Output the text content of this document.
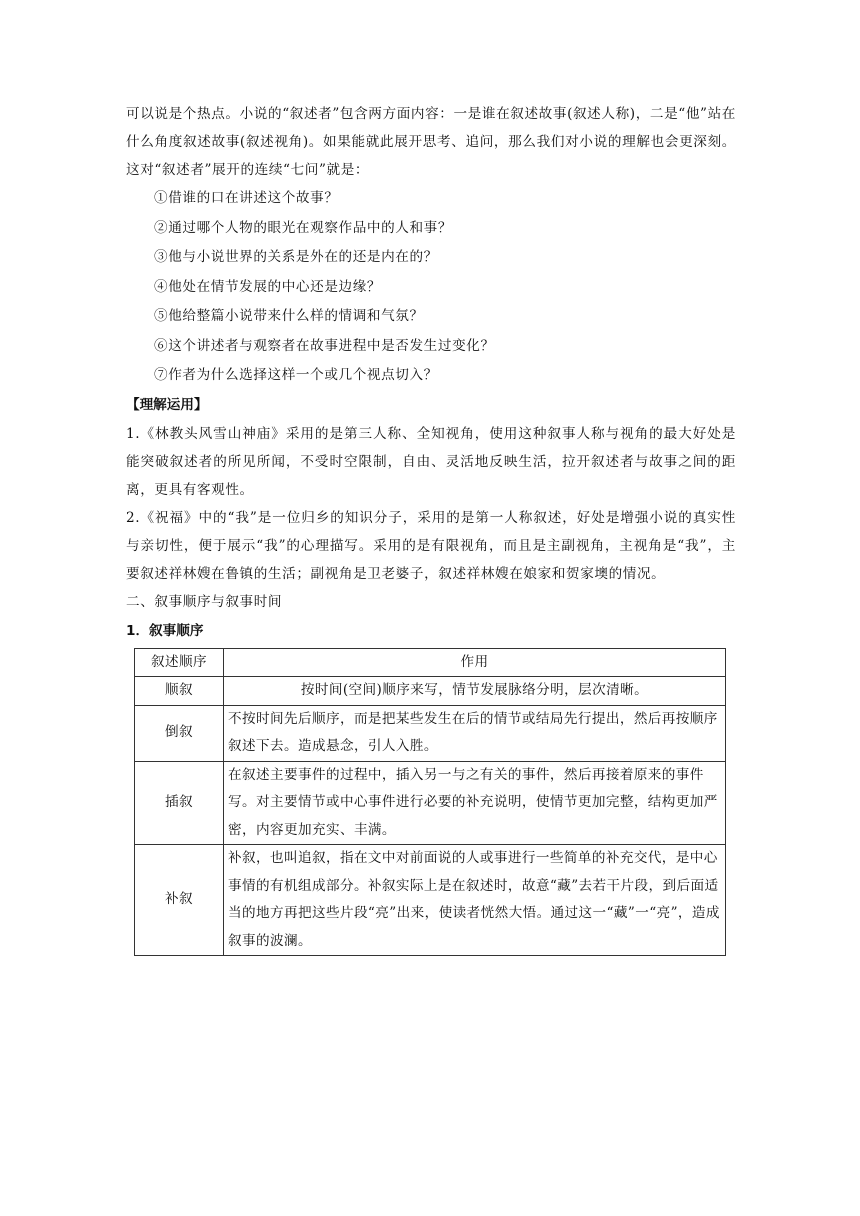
可以说是个热点。小说的“叙述者”包含两方面内容：一是谁在叙述故事(叙述人称)，二是“他”站在什么角度叙述故事(叙述视角)。如果能就此展开思考、追问，那么我们对小说的理解也会更深刻。这对“叙述者”展开的连续“七问”就是：

①借谁的口在讲述这个故事？

②通过哪个人物的眼光在观察作品中的人和事？

③他与小说世界的关系是外在的还是内在的？

④他处在情节发展的中心还是边缘？

⑤他给整篇小说带来什么样的情调和气氛？

⑥这个讲述者与观察者在故事进程中是否发生过变化？

⑦作者为什么选择这样一个或几个视点切入？

【理解运用】

1.《林教头风雪山神庙》采用的是第三人称、全知视角，使用这种叙事人称与视角的最大好处是能突破叙述者的所见所闻，不受时空限制，自由、灵活地反映生活，拉开叙述者与故事之间的距离，更具有客观性。

2.《祝福》中的“我”是一位归乡的知识分子，采用的是第一人称叙述，好处是增强小说的真实性与亲切性，便于展示“我”的心理描写。采用的是有限视角，而且是主副视角，主视角是“我”，主要叙述祥林嫂在鲁镇的生活；副视角是卫老婆子，叙述祥林嫂在娘家和贺家墺的情况。

二、叙事顺序与叙事时间

1．叙事顺序

叙述顺序	作用
顺叙	按时间(空间)顺序来写，情节发展脉络分明，层次清晰。
倒叙	不按时间先后顺序，而是把某些发生在后的情节或结局先行提出，然后再按顺序叙述下去。造成悬念，引人入胜。
插叙	在叙述主要事件的过程中，插入另一与之有关的事件，然后再接着原来的事件写。对主要情节或中心事件进行必要的补充说明，使情节更加完整，结构更加严密，内容更加充实、丰满。
补叙	补叙，也叫追叙，指在文中对前面说的人或事进行一些简单的补充交代，是中心事情的有机组成部分。补叙实际上是在叙述时，故意“藏”去若干片段，到后面适当的地方再把这些片段“亮”出来，使读者恍然大悟。通过这一“藏”一“亮”，造成叙事的波澜。
